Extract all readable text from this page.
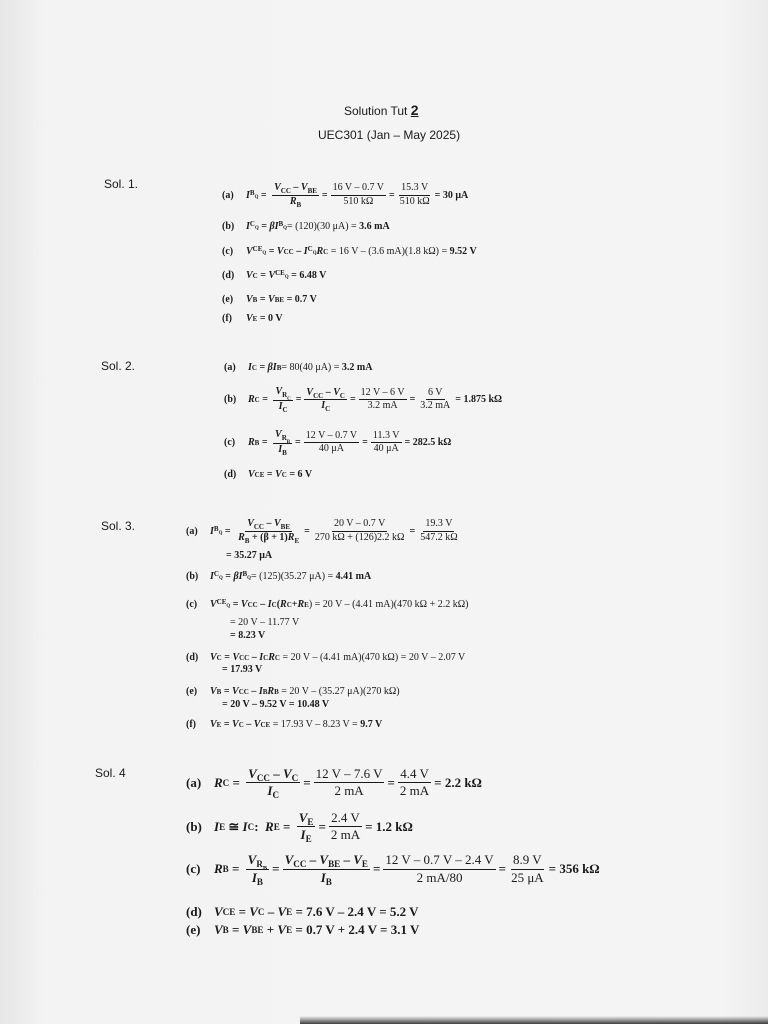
Solution Tut 2
UEC301 (Jan – May 2025)
Sol. 1.
(a)	I $B_Q = \frac{V_{CC} - V_{BE}}{R_B} = \frac{16 V - 0.7 V}{510 k\Omega} = \frac{15.3 V}{510 k\Omega} = 30$ μA
(b)	I $C_Q = \beta I$ $B_Q = (120)(30$ μA) = 3.6 mA
(c)	V $CE_Q = V$ CC – I $C_Q$ R C = 16 V – (3.6 mA)(1.8 kΩ) = 9.52 V
(d)	V C = V $CE_Q$
= 6.48 V
(e)	V B = V BE
= 0.7 V
(f)	V E
= 0 V
Sol. 2.	(a)	I C = βI B = 80(40 μA) = 3.2 mA
(b)	R $C = \frac{V_{R_C}}{I_C} = \frac{V_{CC} - V_C}{I_C} = \frac{12 V - 6 V}{3.2 mA} = \frac{6 V}{3.2 mA} = 1.875$ kΩ
(c)	R $B = \frac{V_{R_B}}{I_B} = \frac{12 V - 0.7 V}{40 \mu A} = \frac{11.3 V}{40 \mu A} = 282.5$ kΩ
(d)	V CE = V C
= 6 V
Sol. 3.	(a)	I $B_Q = \frac{V_{CC} - V_{BE}}{R_B + (\beta + 1)R_E} = \frac{20 V - 0.7 V}{270 k\Omega + (126)2.2 k\Omega} = \frac{19.3 V}{547.2 k\Omega}$
= 35.27 μA
(b)	I $C_Q = \beta I$ $B_Q = (125)(35.27$ μA) = 4.41 mA
(c)	V $CE_Q = V$ CC – I C ( R C + R E ) = 20 V – (4.41 mA)(470 kΩ + 2.2 kΩ)
= 20 V – 11.77 V
= 8.23 V
(d)	V C = V CC – I C R C = 20 V – (4.41 mA)(470 kΩ) = 20 V – 2.07 V
= 17.93 V
(e)	V B = V CC – I B R B = 20 V – (35.27 μA)(270 kΩ)
= 20 V – 9.52 V = 10.48 V
(f)	V E = V C – V CE = 17.93 V – 8.23 V = 9.7 V
Sol. 4
(a) R $C = \frac{V_{CC} - V_C}{I_C} = \frac{12 V - 7.6 V}{2 mA} = \frac{4.4 V}{2 mA} = 2.2$ kΩ
(b) I E ≅ I C : R $E = \frac{V_E}{I_E} = \frac{2.4 V}{2 mA} = 1.2$ kΩ
(c)	R $B = \frac{V_{R_B}}{I_B} = \frac{V_{CC} - V_{BE} - V_E}{I_B} = \frac{12 V - 0.7 V - 2.4 V}{2 mA/80} = \frac{8.9 V}{25 \mu A} = 356$ kΩ
(d) V CE = V C – V E = 7.6 V – 2.4 V = 5.2 V
(e)	V B = V BE + V E = 0.7 V + 2.4 V = 3.1 V
